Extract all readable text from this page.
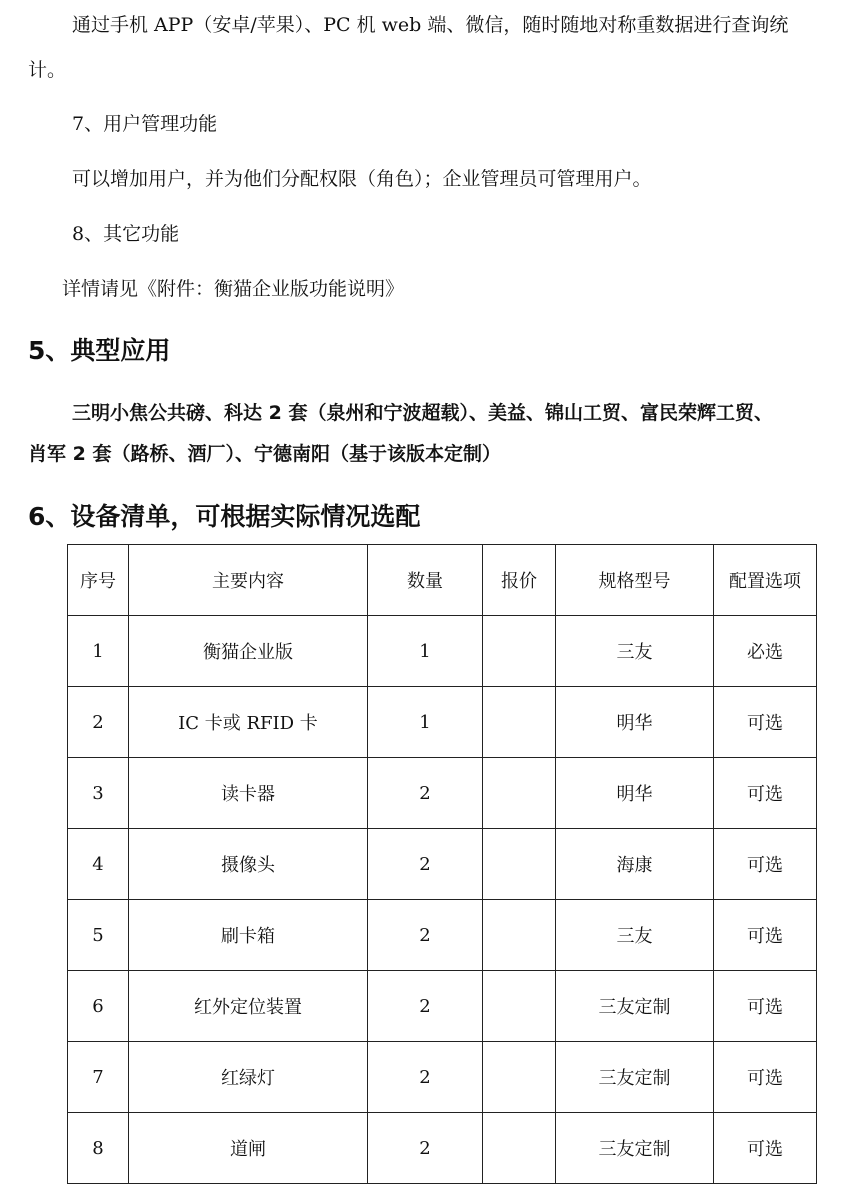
通过手机 APP（安卓/苹果）、PC 机 web 端、微信，随时随地对称重数据进行查询统

计。

7、用户管理功能

可以增加用户，并为他们分配权限（角色）；企业管理员可管理用户。

8、其它功能

详情请见《附件：衡猫企业版功能说明》

5、典型应用

三明小焦公共磅、科达 2 套（泉州和宁波超载）、美益、锦山工贸、富民荣辉工贸、

肖军 2 套（路桥、酒厂）、宁德南阳（基于该版本定制）

6、设备清单，可根据实际情况选配
序号	主要内容	数量	报价	规格型号	配置选项
1	衡猫企业版	1		三友	必选
2	IC 卡或 RFID 卡	1		明华	可选
3	读卡器	2		明华	可选
4	摄像头	2		海康	可选
5	刷卡箱	2		三友	可选
6	红外定位装置	2		三友定制	可选
7	红绿灯	2		三友定制	可选
8	道闸	2		三友定制	可选
